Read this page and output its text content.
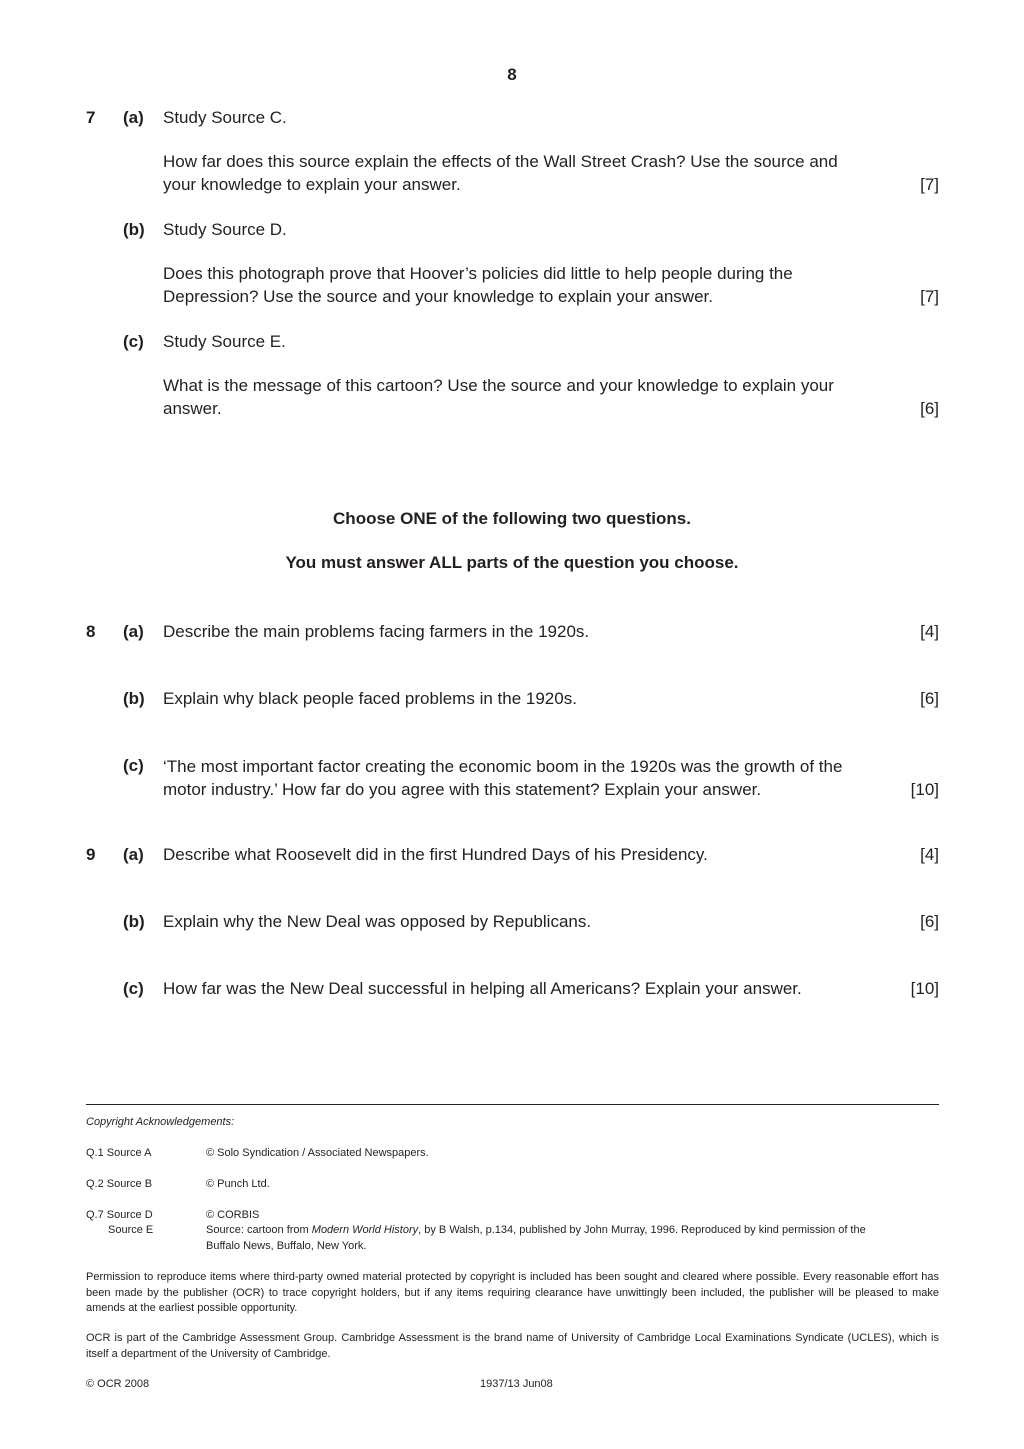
8
7 (a) Study Source C.
How far does this source explain the effects of the Wall Street Crash? Use the source and
your knowledge to explain your answer.	[7]
(b) Study Source D.
Does this photograph prove that Hoover’s policies did little to help people during the
Depression? Use the source and your knowledge to explain your answer.	[7]
(c) Study Source E.
What is the message of this cartoon? Use the source and your knowledge to explain your
answer.	[6]
Choose ONE of the following two questions.
You must answer ALL parts of the question you choose.
8 (a) Describe the main problems facing farmers in the 1920s.	[4]
(b) Explain why black people faced problems in the 1920s.	[6]
(c) ‘The most important factor creating the economic boom in the 1920s was the growth of the
motor industry.’ How far do you agree with this statement? Explain your answer.	[10]
9 (a) Describe what Roosevelt did in the first Hundred Days of his Presidency.	[4]
(b) Explain why the New Deal was opposed by Republicans.	[6]
(c) How far was the New Deal successful in helping all Americans? Explain your answer.	[10]
Copyright Acknowledgements:
Q.1 Source A	© Solo Syndication / Associated Newspapers.
Q.2 Source B	© Punch Ltd.
Q.7 Source D	© CORBIS
Source E	Source: cartoon from Modern World History, by B Walsh, p.134, published by John Murray, 1996. Reproduced by kind permission of the
Buffalo News, Buffalo, New York.
Permission to reproduce items where third-party owned material protected by copyright is included has been sought and cleared where possible. Every reasonable effort has been made by the publisher (OCR) to trace copyright holders, but if any items requiring clearance have unwittingly been included, the publisher will be pleased to make amends at the earliest possible opportunity.
OCR is part of the Cambridge Assessment Group. Cambridge Assessment is the brand name of University of Cambridge Local Examinations Syndicate (UCLES), which is itself a department of the University of Cambridge.
© OCR 2008	1937/13 Jun08
